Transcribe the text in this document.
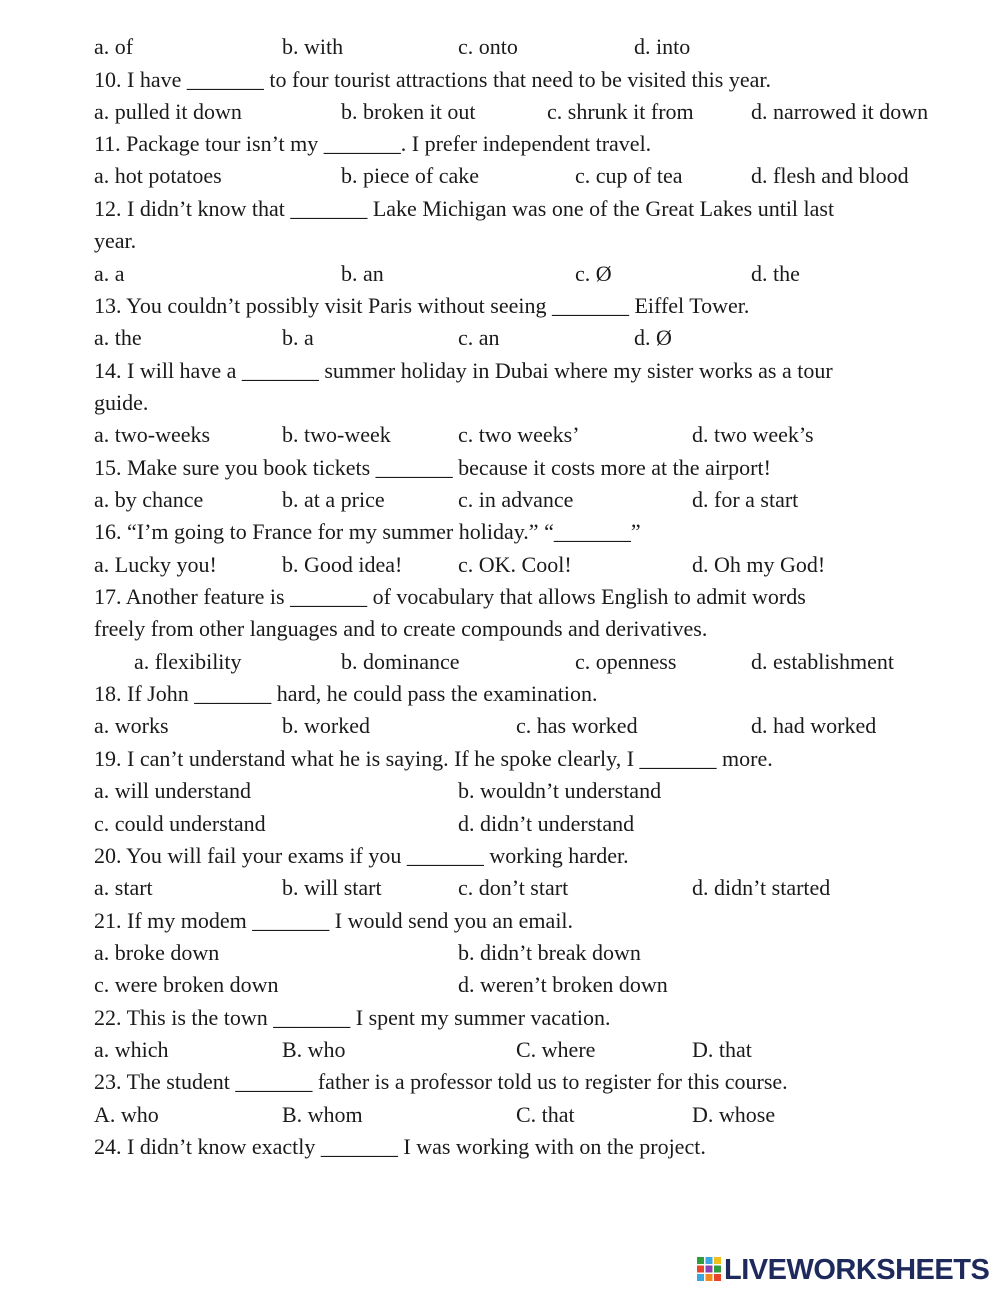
a. of	b. with	c. onto	d. into
10. I have _______ to four tourist attractions that need to be visited this year.
a. pulled it down	b. broken it out	c. shrunk it from	d. narrowed it down
11. Package tour isn’t my _______. I prefer independent travel.
a. hot potatoes	b. piece of cake	c. cup of tea	d. flesh and blood
12. I didn’t know that _______ Lake Michigan was one of the Great Lakes until last
year.
a. a	b. an	c. Ø	d. the
13. You couldn’t possibly visit Paris without seeing _______ Eiffel Tower.
a. the	b. a	c. an	d. Ø
14. I will have a _______ summer holiday in Dubai where my sister works as a tour
guide.
a. two-weeks	b. two-week	c. two weeks’	d. two week’s
15. Make sure you book tickets _______ because it costs more at the airport!
a. by chance	b. at a price	c. in advance	d. for a start
16. “I’m going to France for my summer holiday.” “_______”
a. Lucky you!	b. Good idea!	c. OK. Cool!	d. Oh my God!
17. Another feature is _______ of vocabulary that allows English to admit words
freely from other languages and to create compounds and derivatives.
a. flexibility	b. dominance	c. openness	d. establishment
18. If John _______ hard, he could pass the examination.
a. works	b. worked	c. has worked	d. had worked
19. I can’t understand what he is saying. If he spoke clearly, I _______ more.
a. will understand	b. wouldn’t understand
c. could understand	d. didn’t understand
20. You will fail your exams if you _______ working harder.
a. start	b. will start	c. don’t start	d. didn’t started
21. If my modem _______ I would send you an email.
a. broke down	b. didn’t break down
c. were broken down	d. weren’t broken down
22. This is the town _______ I spent my summer vacation.
a. which	B. who	C. where	D. that
23. The student _______ father is a professor told us to register for this course.
A. who	B. whom	C. that	D. whose
24. I didn’t know exactly _______ I was working with on the project.
LIVEWORKSHEETS
